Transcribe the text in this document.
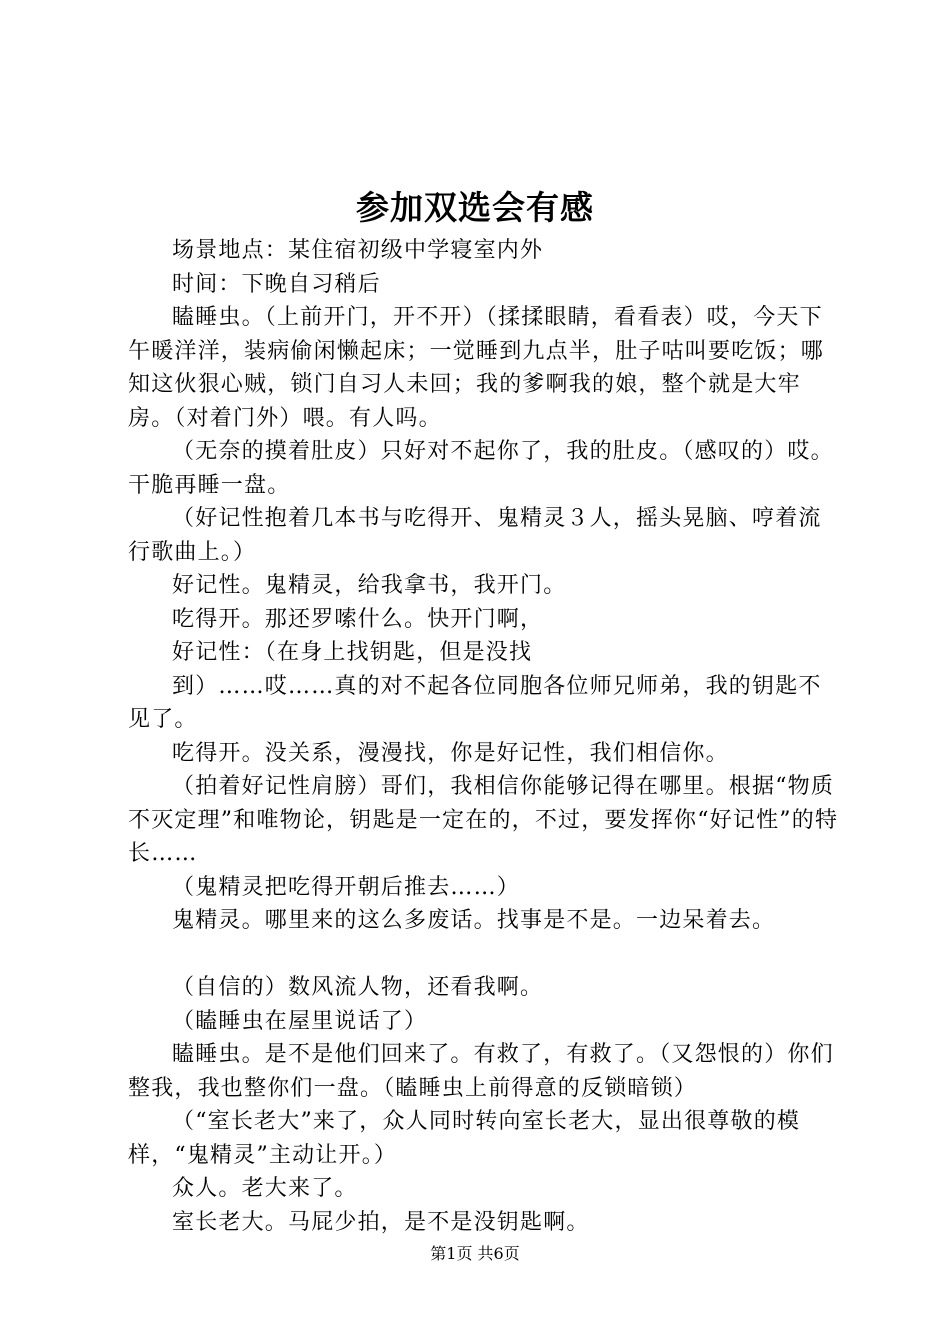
参加双选会有感

场景地点：某住宿初级中学寝室内外

时间：下晚自习稍后

瞌睡虫。（上前开门，开不开）（揉揉眼睛，看看表）哎，今天下午暖洋洋，装病偷闲懒起床；一觉睡到九点半，肚子咕叫要吃饭；哪知这伙狠心贼，锁门自习人未回；我的爹啊我的娘，整个就是大牢房。（对着门外）喂。有人吗。

（无奈的摸着肚皮）只好对不起你了，我的肚皮。（感叹的）哎。干脆再睡一盘。

（好记性抱着几本书与吃得开、鬼精灵３人，摇头晃脑、哼着流行歌曲上。）

好记性。鬼精灵，给我拿书，我开门。

吃得开。那还罗嗦什么。快开门啊，

好记性：（在身上找钥匙，但是没找

到）……哎……真的对不起各位同胞各位师兄师弟，我的钥匙不见了。

吃得开。没关系，漫漫找，你是好记性，我们相信你。

（拍着好记性肩膀）哥们，我相信你能够记得在哪里。根据“物质不灭定理”和唯物论，钥匙是一定在的，不过，要发挥你“好记性”的特长……

（鬼精灵把吃得开朝后推去……）

鬼精灵。哪里来的这么多废话。找事是不是。一边呆着去。

（自信的）数风流人物，还看我啊。

（瞌睡虫在屋里说话了）

瞌睡虫。是不是他们回来了。有救了，有救了。（又怨恨的）你们整我，我也整你们一盘。（瞌睡虫上前得意的反锁暗锁）

（“室长老大”来了，众人同时转向室长老大，显出很尊敬的模样，“鬼精灵”主动让开。）

众人。老大来了。

室长老大。马屁少拍，是不是没钥匙啊。

第1页 共6页
